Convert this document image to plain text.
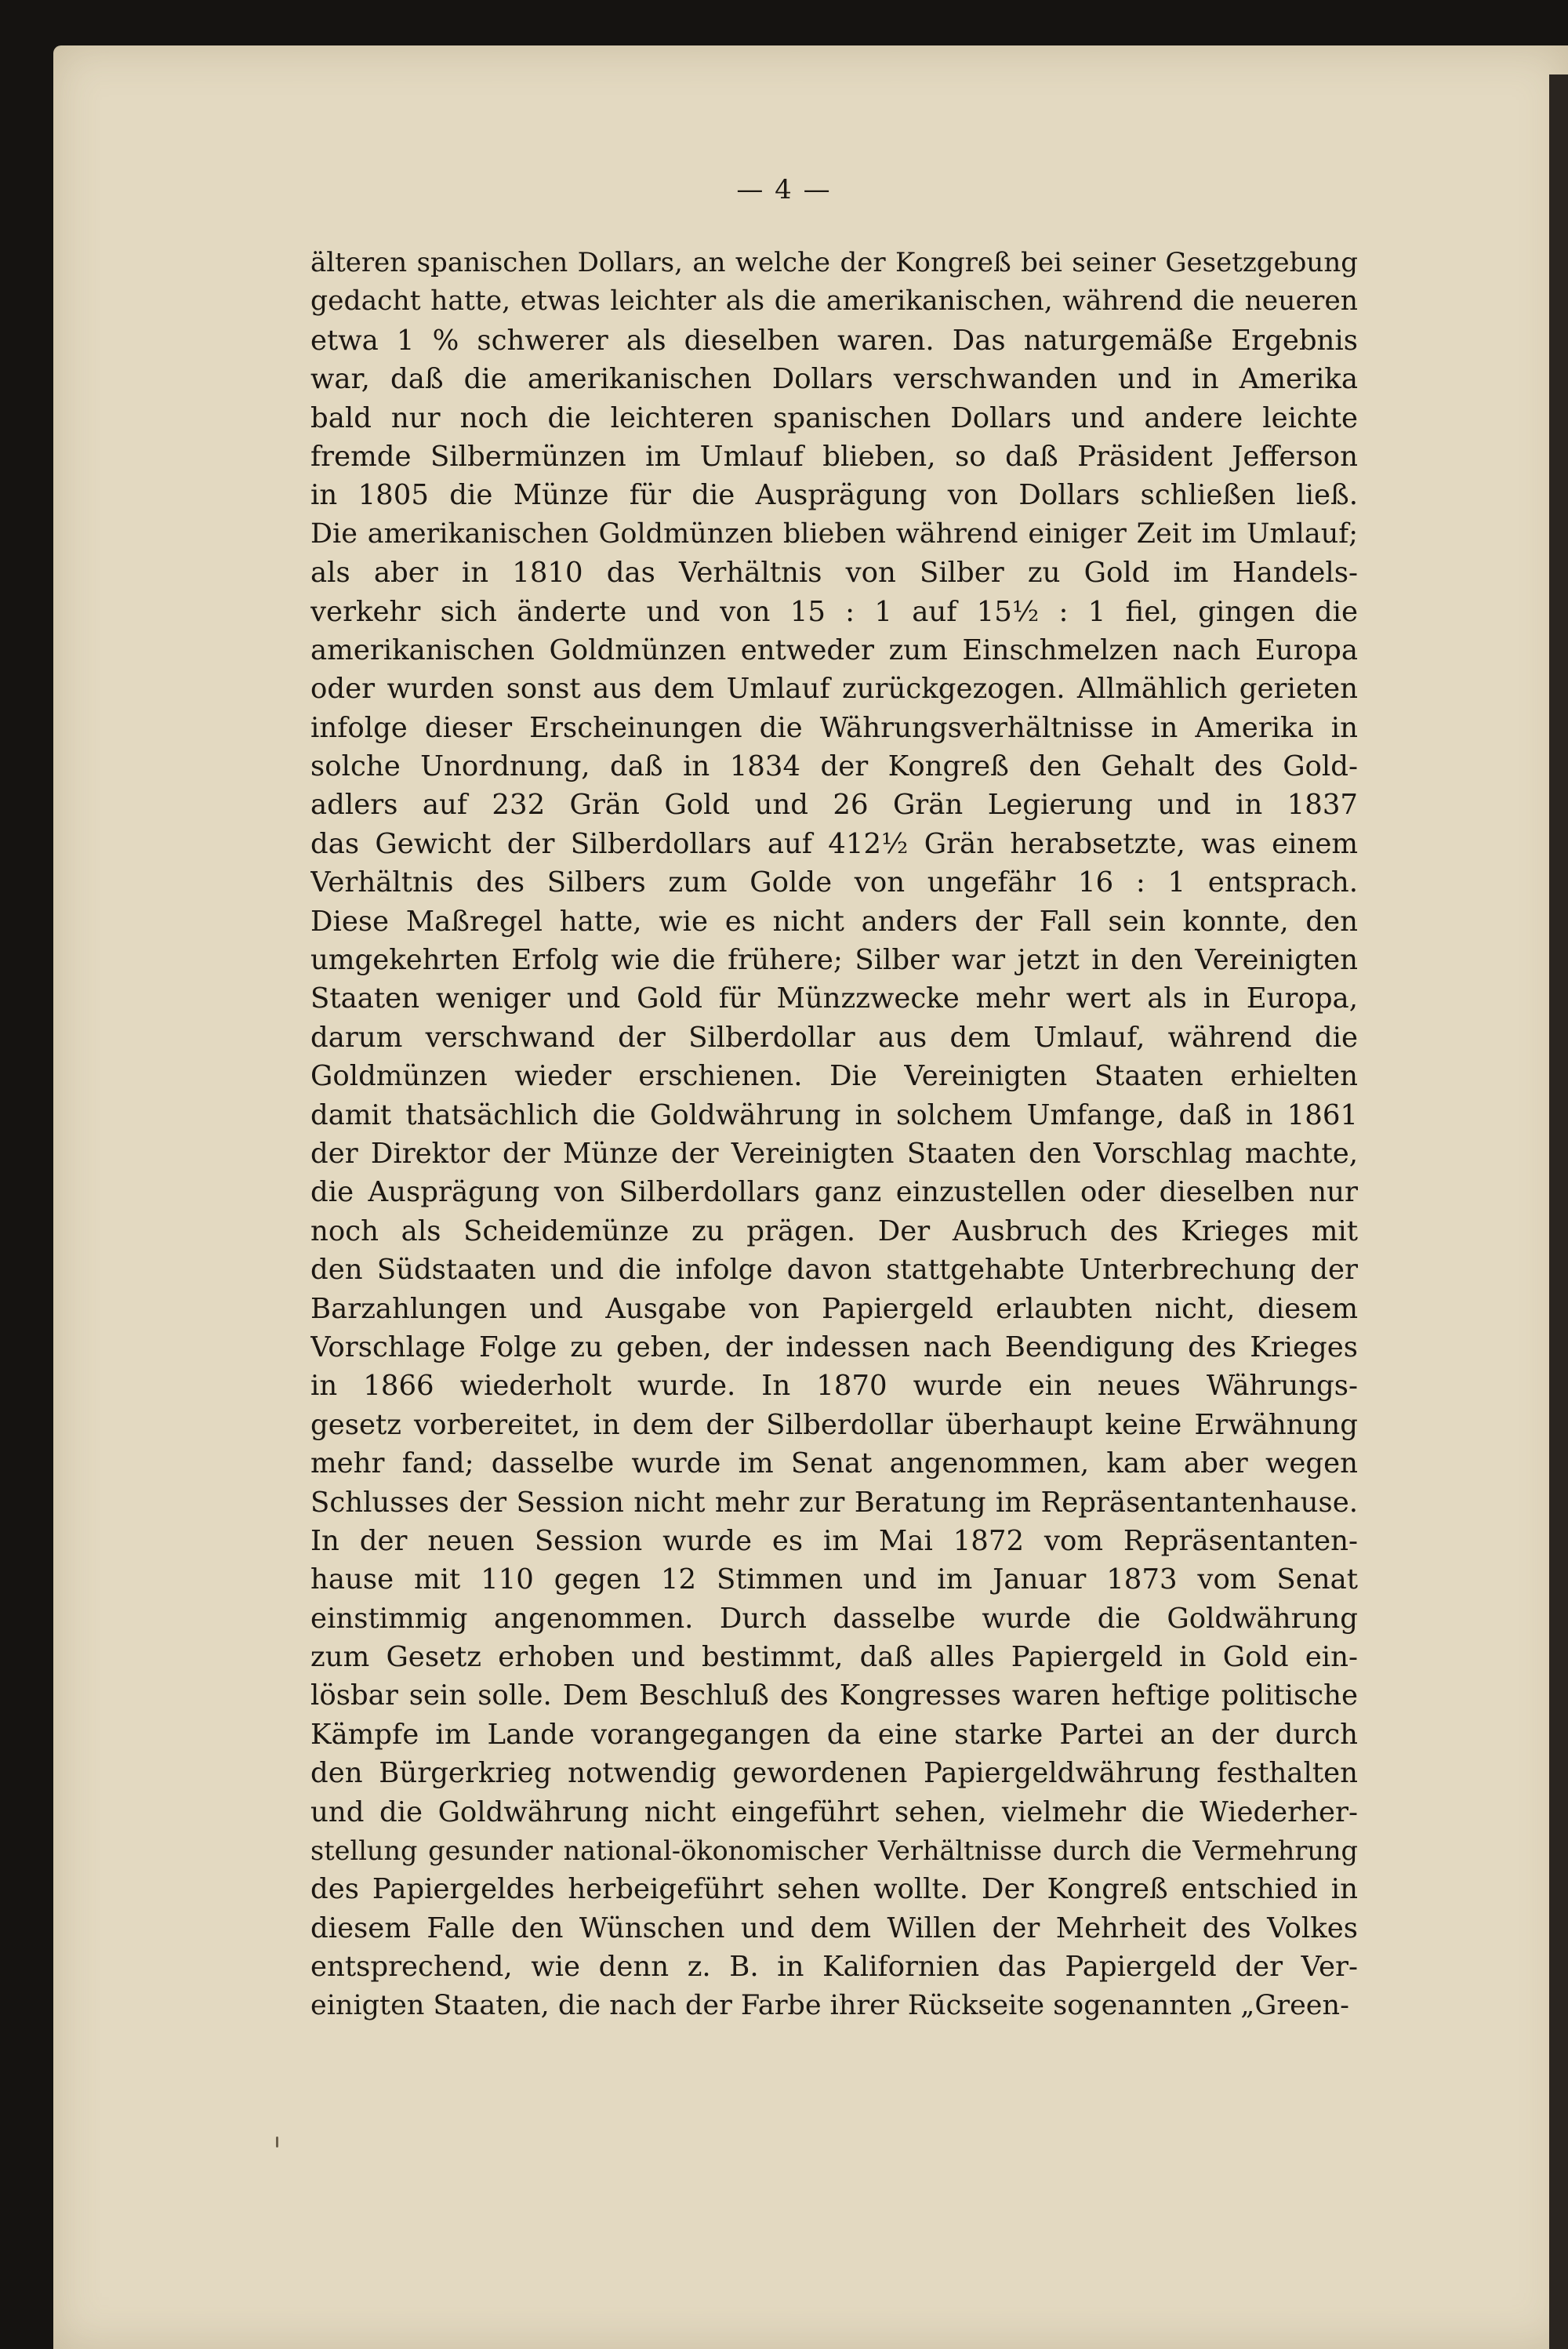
— 4 —
älteren spanischen Dollars, an welche der Kongreß bei seiner Gesetzgebung
gedacht hatte, etwas leichter als die amerikanischen, während die neueren
etwa 1 % schwerer als dieselben waren. Das naturgemäße Ergebnis
war, daß die amerikanischen Dollars verschwanden und in Amerika
bald nur noch die leichteren spanischen Dollars und andere leichte
fremde Silbermünzen im Umlauf blieben, so daß Präsident Jefferson
in 1805 die Münze für die Ausprägung von Dollars schließen ließ.
Die amerikanischen Goldmünzen blieben während einiger Zeit im Umlauf;
als aber in 1810 das Verhältnis von Silber zu Gold im Handels-
verkehr sich änderte und von 15 : 1 auf 15½ : 1 fiel, gingen die
amerikanischen Goldmünzen entweder zum Einschmelzen nach Europa
oder wurden sonst aus dem Umlauf zurückgezogen. Allmählich gerieten
infolge dieser Erscheinungen die Währungsverhältnisse in Amerika in
solche Unordnung, daß in 1834 der Kongreß den Gehalt des Gold-
adlers auf 232 Grän Gold und 26 Grän Legierung und in 1837
das Gewicht der Silberdollars auf 412½ Grän herabsetzte, was einem
Verhältnis des Silbers zum Golde von ungefähr 16 : 1 entsprach.
Diese Maßregel hatte, wie es nicht anders der Fall sein konnte, den
umgekehrten Erfolg wie die frühere; Silber war jetzt in den Vereinigten
Staaten weniger und Gold für Münzzwecke mehr wert als in Europa,
darum verschwand der Silberdollar aus dem Umlauf, während die
Goldmünzen wieder erschienen. Die Vereinigten Staaten erhielten
damit thatsächlich die Goldwährung in solchem Umfange, daß in 1861
der Direktor der Münze der Vereinigten Staaten den Vorschlag machte,
die Ausprägung von Silberdollars ganz einzustellen oder dieselben nur
noch als Scheidemünze zu prägen. Der Ausbruch des Krieges mit
den Südstaaten und die infolge davon stattgehabte Unterbrechung der
Barzahlungen und Ausgabe von Papiergeld erlaubten nicht, diesem
Vorschlage Folge zu geben, der indessen nach Beendigung des Krieges
in 1866 wiederholt wurde. In 1870 wurde ein neues Währungs-
gesetz vorbereitet, in dem der Silberdollar überhaupt keine Erwähnung
mehr fand; dasselbe wurde im Senat angenommen, kam aber wegen
Schlusses der Session nicht mehr zur Beratung im Repräsentantenhause.
In der neuen Session wurde es im Mai 1872 vom Repräsentanten-
hause mit 110 gegen 12 Stimmen und im Januar 1873 vom Senat
einstimmig angenommen. Durch dasselbe wurde die Goldwährung
zum Gesetz erhoben und bestimmt, daß alles Papiergeld in Gold ein-
lösbar sein solle. Dem Beschluß des Kongresses waren heftige politische
Kämpfe im Lande vorangegangen da eine starke Partei an der durch
den Bürgerkrieg notwendig gewordenen Papiergeldwährung festhalten
und die Goldwährung nicht eingeführt sehen, vielmehr die Wiederher-
stellung gesunder national-ökonomischer Verhältnisse durch die Vermehrung
des Papiergeldes herbeigeführt sehen wollte. Der Kongreß entschied in
diesem Falle den Wünschen und dem Willen der Mehrheit des Volkes
entsprechend, wie denn z. B. in Kalifornien das Papiergeld der Ver-
einigten Staaten, die nach der Farbe ihrer Rückseite sogenannten „Green-
